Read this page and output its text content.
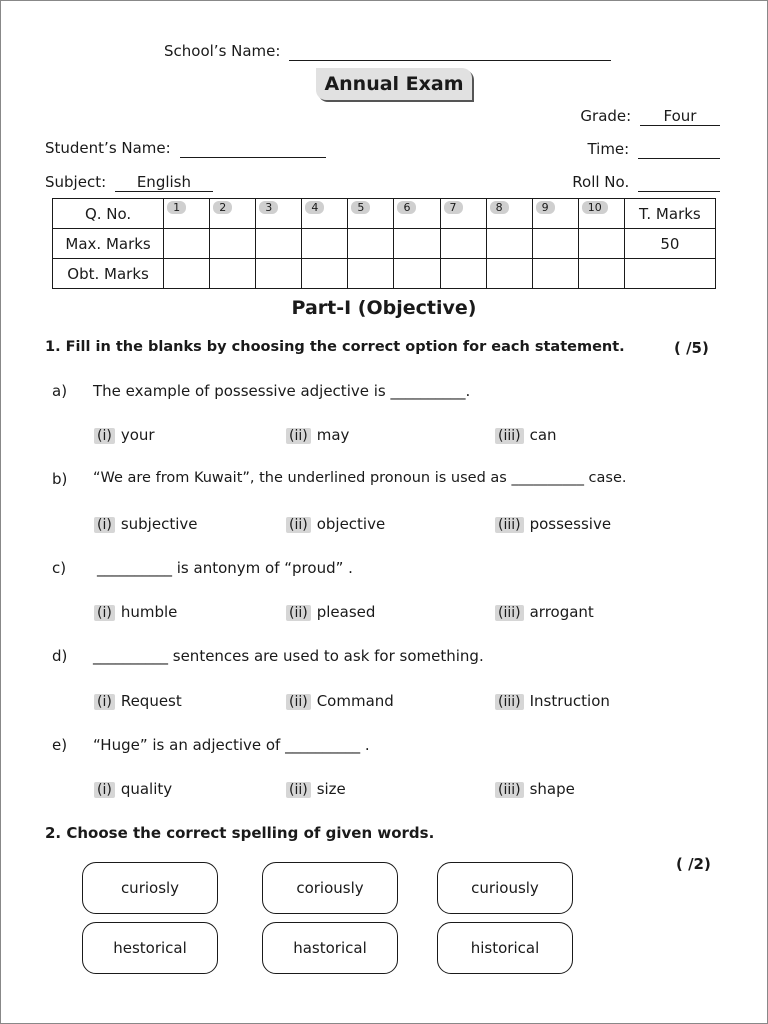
School’s Name:
Annual Exam
Grade: Four
Student’s Name:	Time:
Subject: English	Roll No.
Q. No.	1	2	3	4	5	6	7	8	9	10	T. Marks
Max. Marks											50
Obt. Marks											
Part-I (Objective)
1. Fill in the blanks by choosing the correct option for each statement.	( /5)
a) The example of possessive adjective is __________.
(i) your	(ii) may	(iii) can
b) “We are from Kuwait”, the underlined pronoun is used as __________ case.
(i) subjective	(ii) objective	(iii) possessive
c) __________ is antonym of “proud” .
(i) humble	(ii) pleased	(iii) arrogant
d) __________ sentences are used to ask for something.
(i) Request	(ii) Command	(iii) Instruction
e) “Huge” is an adjective of __________ .
(i) quality	(ii) size	(iii) shape
2. Choose the correct spelling of given words.
( /2)
curiosly	coriously	curiously
hestorical	hastorical	historical
